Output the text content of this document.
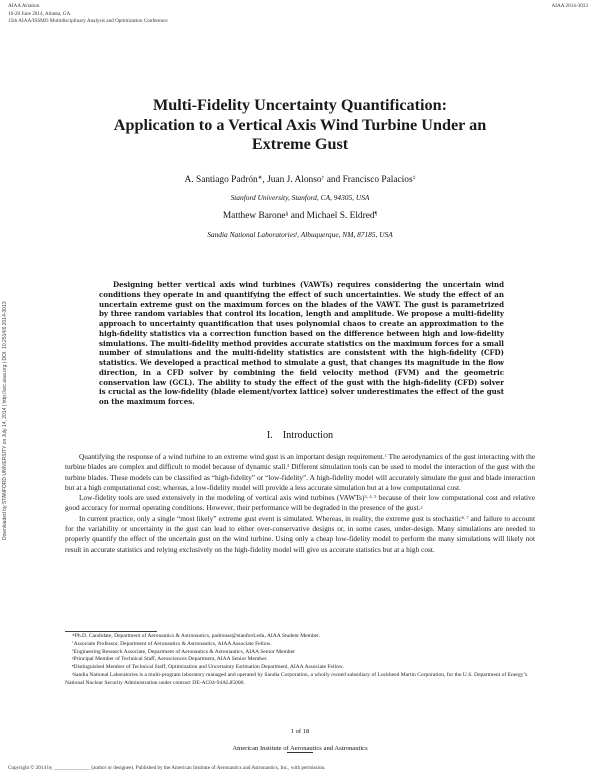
Downloaded by STANFORD UNIVERSITY on July 14, 2014 | http://arc.aiaa.org | DOI: 10.2514/6.2014-3013
AIAA Aviation
16-20 June 2014, Atlanta, GA
15th AIAA/ISSMO Multidisciplinary Analysis and Optimization Conference
AIAA 2014-3013
Multi-Fidelity Uncertainty Quantification:
Application to a Vertical Axis Wind Turbine Under an
Extreme Gust
A. Santiago Padrón∗, Juan J. Alonso† and Francisco Palacios‡
Stanford University, Stanford, CA, 94305, USA
Matthew Barone§ and Michael S. Eldred¶
Sandia National Laboratories‖, Albuquerque, NM, 87185, USA
Designing better vertical axis wind turbines (VAWTs) requires considering the uncertain wind conditions they operate in and quantifying the effect of such uncertainties. We study the effect of an uncertain extreme gust on the maximum forces on the blades of the VAWT. The gust is parametrized by three random variables that control its location, length and amplitude. We propose a multi-fidelity approach to uncertainty quantification that uses polynomial chaos to create an approximation to the high-fidelity statistics via a correction function based on the difference between high and low-fidelity simulations. The multi-fidelity method provides accurate statistics on the maximum forces for a small number of simulations and the multi-fidelity statistics are consistent with the high-fidelity (CFD) statistics. We developed a practical method to simulate a gust, that changes its magnitude in the flow direction, in a CFD solver by combining the field velocity method (FVM) and the geometric conservation law (GCL). The ability to study the effect of the gust with the high-fidelity (CFD) solver is crucial as the low-fidelity (blade element/vortex lattice) solver underestimates the effect of the gust on the maximum forces.
I. Introduction

Quantifying the response of a wind turbine to an extreme wind gust is an important design requirement.$^1$ The aerodynamics of the gust interacting with the turbine blades are complex and difficult to model because of dynamic stall.$^2$ Different simulation tools can be used to model the interaction of the gust with the turbine blades. These models can be classified as “high-fidelity” or “low-fidelity”. A high-fidelity model will accurately simulate the gust and blade interaction but at a high computational cost; whereas, a low-fidelity model will provide a less accurate simulation but at a low computational cost.

Low-fidelity tools are used extensively in the modeling of vertical axis wind turbines (VAWTs)$^{3, 4, 5}$ because of their low computational cost and relative good accuracy for normal operating conditions. However, their performance will be degraded in the presence of the gust.$^2$

In current practice, only a single “most likely” extreme gust event is simulated. Whereas, in reality, the extreme gust is stochastic$^{6, 7}$ and failure to account for the variability or uncertainty in the gust can lead to either over-conservative designs or, in some cases, under-design. Many simulations are needed to properly quantify the effect of the uncertain gust on the wind turbine. Using only a cheap low-fidelity model to perform the many simulations will likely not result in accurate statistics and relying exclusively on the high-fidelity model will give us accurate statistics but at a high cost.

∗Ph.D. Candidate, Department of Aeronautics & Astronautics, padronas@stanford.edu, AIAA Student Member.
†Associate Professor, Department of Aeronautics & Astronautics, AIAA Associate Fellow.
‡Engineering Research Associate, Department of Aeronautics & Astronautics, AIAA Senior Member
§Principal Member of Technical Staff, Aerosciences Department, AIAA Senior Member.
¶Distinguished Member of Technical Staff, Optimization and Uncertainty Estimation Department, AIAA Associate Fellow.
‖Sandia National Laboratories is a multi-program laboratory managed and operated by Sandia Corporation, a wholly owned subsidiary of Lockheed Martin Corporation, for the U.S. Department of Energy’s National Nuclear Security Administration under contract DE-AC04-94AL85000.
1 of 18
American Institute of Aeronautics and Astronautics
Copyright © 2014 by ______________ (author or designee). Published by the American Institute of Aeronautics and Astronautics, Inc., with permission.
